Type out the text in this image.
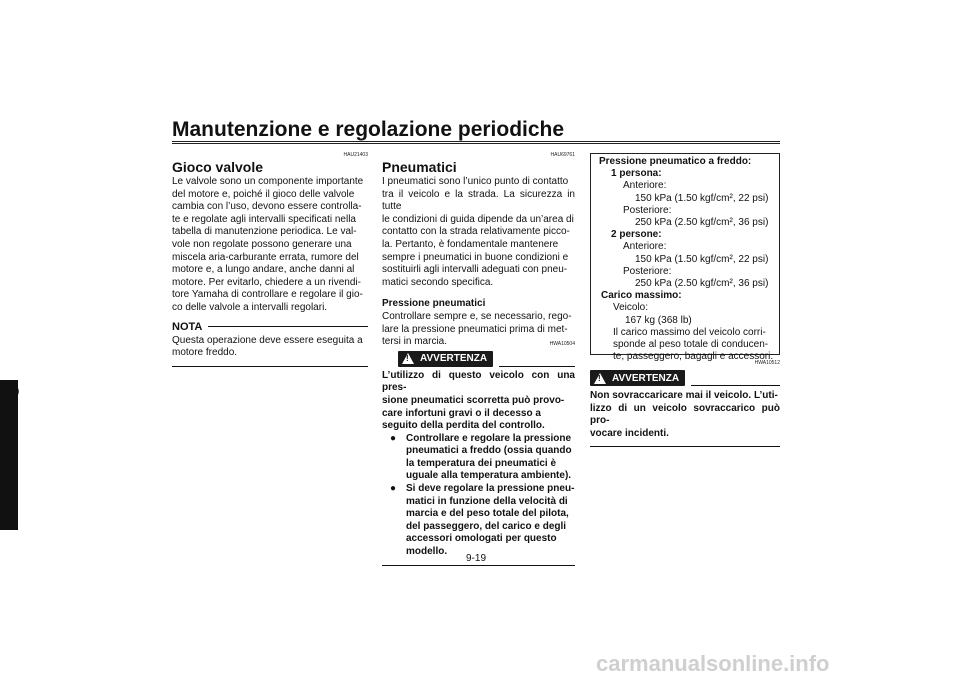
Manutenzione e regolazione periodiche
9
HAU21403
Gioco valvole
Le valvole sono un componente importante
del motore e, poiché il gioco delle valvole
cambia con l’uso, devono essere controlla-
te e regolate agli intervalli specificati nella
tabella di manutenzione periodica. Le val-
vole non regolate possono generare una
miscela aria-carburante errata, rumore del
motore e, a lungo andare, anche danni al
motore. Per evitarlo, chiedere a un rivendi-
tore Yamaha di controllare e regolare il gio-
co delle valvole a intervalli regolari.
NOTA
Questa operazione deve essere eseguita a
motore freddo.
HAU69761
Pneumatici
I pneumatici sono l’unico punto di contatto
tra il veicolo e la strada. La sicurezza in tutte
le condizioni di guida dipende da un’area di
contatto con la strada relativamente picco-
la. Pertanto, è fondamentale mantenere
sempre i pneumatici in buone condizioni e
sostituirli agli intervalli adeguati con pneu-
matici secondo specifica.
Pressione pneumatici
Controllare sempre e, se necessario, rego-
lare la pressione pneumatici prima di met-
tersi in marcia.
!
AVVERTENZA
HWA10504
L’utilizzo di questo veicolo con una pres-
sione pneumatici scorretta può provo-
care infortuni gravi o il decesso a
seguito della perdita del controllo.
● Controllare e regolare la pressione
pneumatici a freddo (ossia quando
la temperatura dei pneumatici è
uguale alla temperatura ambiente).
● Si deve regolare la pressione pneu-
matici in funzione della velocità di
marcia e del peso totale del pilota,
del passeggero, del carico e degli
accessori omologati per questo
modello.
Pressione pneumatico a freddo:
1 persona:
Anteriore:
150 kPa (1.50 kgf/cm², 22 psi)
Posteriore:
250 kPa (2.50 kgf/cm², 36 psi)
2 persone:
Anteriore:
150 kPa (1.50 kgf/cm², 22 psi)
Posteriore:
250 kPa (2.50 kgf/cm², 36 psi)
Carico massimo:
Veicolo:
167 kg (368 lb)
Il carico massimo del veicolo corri-
sponde al peso totale di conducen-
te, passeggero, bagagli e accessori.
!
AVVERTENZA
HWA10512
Non sovraccaricare mai il veicolo. L’uti-
lizzo di un veicolo sovraccarico può pro-
vocare incidenti.
9-19
carmanualsonline.info
